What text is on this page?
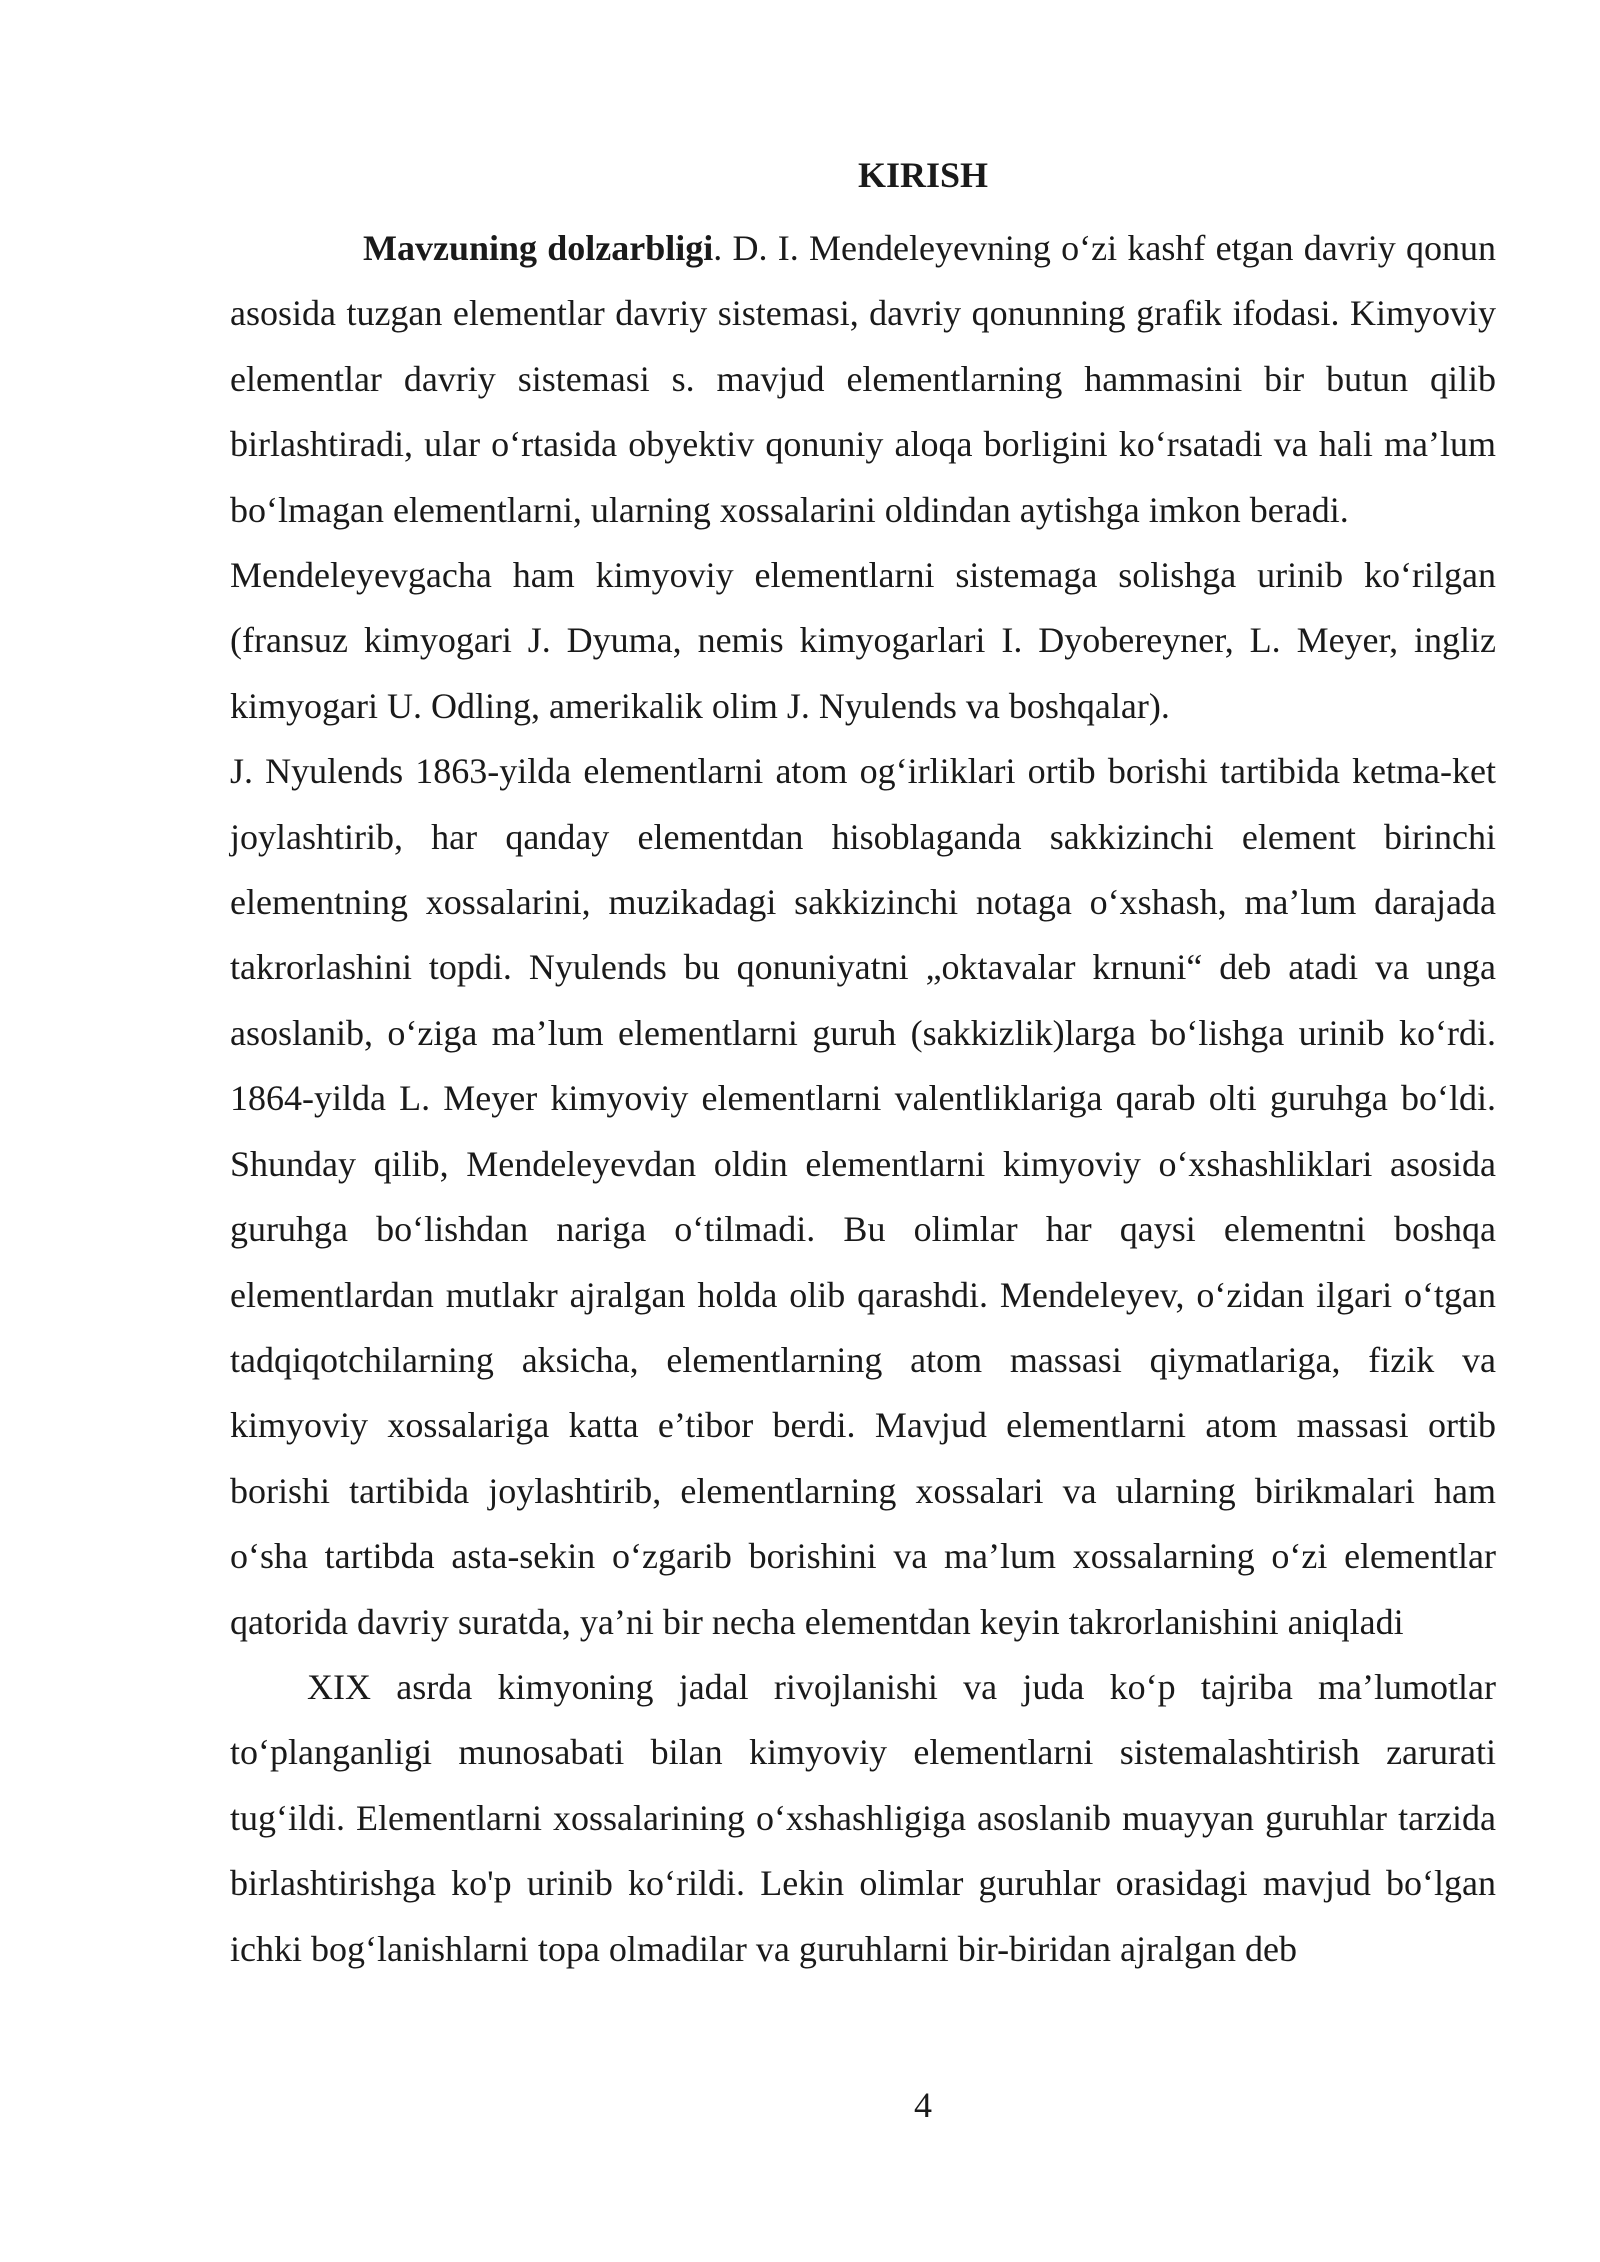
KIRISH

Mavzuning dolzarbligi. D. I. Mendeleyevning o‘zi kashf etgan davriy qonun asosida tuzgan elementlar davriy sistemasi, davriy qonunning grafik ifodasi. Kimyoviy elementlar davriy sistemasi s. mavjud elementlarning hammasini bir butun qilib birlashtiradi, ular o‘rtasida obyektiv qonuniy aloqa borligini ko‘rsatadi va hali ma’lum bo‘lmagan elementlarni, ularning xossalarini oldindan aytishga imkon beradi.

Mendeleyevgacha ham kimyoviy elementlarni sistemaga solishga urinib ko‘rilgan (fransuz kimyogari J. Dyuma, nemis kimyogarlari I. Dyobereyner, L. Meyer, ingliz kimyogari U. Odling, amerikalik olim J. Nyulends va boshqalar).

J. Nyulends 1863-yilda elementlarni atom og‘irliklari ortib borishi tartibida ketma-ket joylashtirib, har qanday elementdan hisoblaganda sakkizinchi element birinchi elementning xossalarini, muzikadagi sakkizinchi notaga o‘xshash, ma’lum darajada takrorlashini topdi. Nyulends bu qonuniyatni „oktavalar krnuni“ deb atadi va unga asoslanib, o‘ziga ma’lum elementlarni guruh (sakkizlik)larga bo‘lishga urinib ko‘rdi. 1864-yilda L. Meyer kimyoviy elementlarni valentliklariga qarab olti guruhga bo‘ldi. Shunday qilib, Mendeleyevdan oldin elementlarni kimyoviy o‘xshashliklari asosida guruhga bo‘lishdan nariga o‘tilmadi. Bu olimlar har qaysi elementni boshqa elementlardan mutlakr ajralgan holda olib qarashdi. Mendeleyev, o‘zidan ilgari o‘tgan tadqiqotchilarning aksicha, elementlarning atom massasi qiymatlariga, fizik va kimyoviy xossalariga katta e’tibor berdi. Mavjud elementlarni atom massasi ortib borishi tartibida joylashtirib, elementlarning xossalari va ularning birikmalari ham o‘sha tartibda asta-sekin o‘zgarib borishini va ma’lum xossalarning o‘zi elementlar qatorida davriy suratda, ya’ni bir necha elementdan keyin takrorlanishini aniqladi

XIX asrda kimyoning jadal rivojlanishi va juda ko‘p tajriba ma’lumotlar to‘planganligi munosabati bilan kimyoviy elementlarni sistemalashtirish zarurati tug‘ildi. Elementlarni xossalarining o‘xshashligiga asoslanib muayyan guruhlar tarzida birlashtirishga ko'p urinib ko‘rildi. Lekin olimlar guruhlar orasidagi mavjud bo‘lgan ichki bog‘lanishlarni topa olmadilar va guruhlarni bir-biridan ajralgan deb

4
